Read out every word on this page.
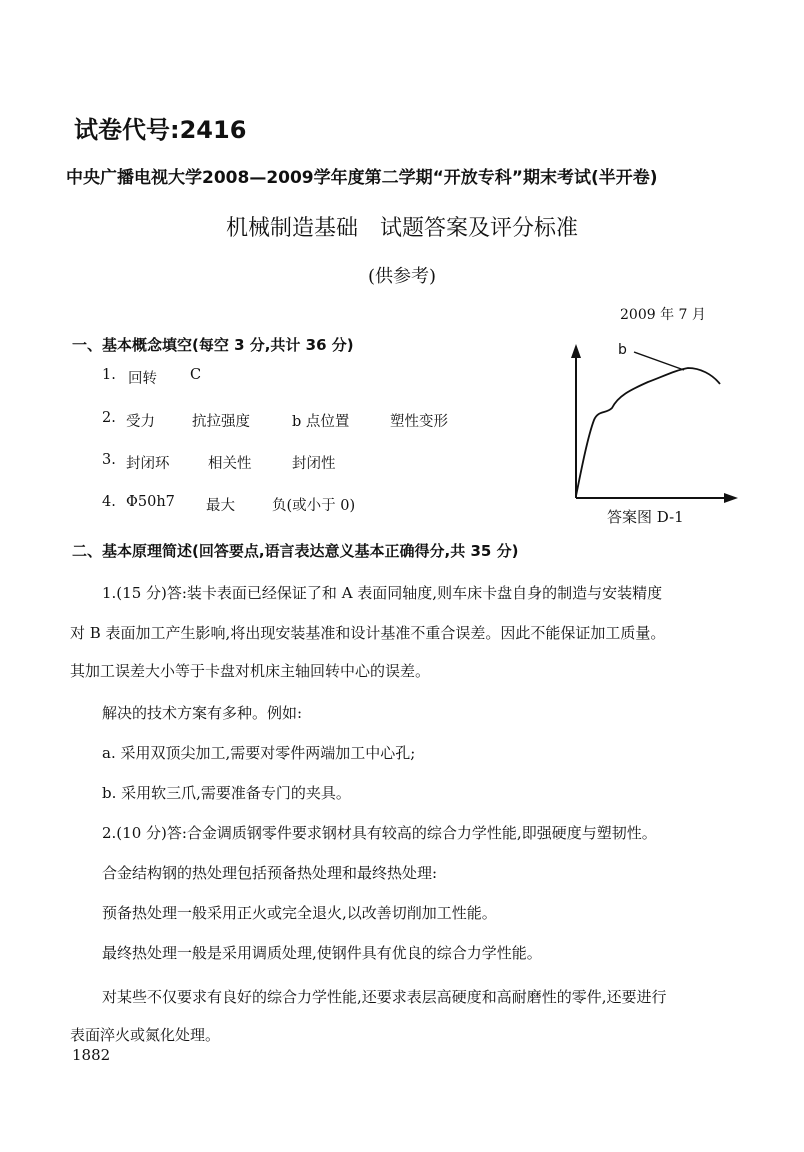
试卷代号:2416
中央广播电视大学2008—2009学年度第二学期“开放专科”期末考试(半开卷)
机械制造基础　试题答案及评分标准
(供参考)
2009 年 7 月
一、基本概念填空(每空 3 分,共计 36 分)
1. 回转 C
2. 受力	抗拉强度	b 点位置	塑性变形
3. 封闭环	相关性	封闭性
4. Φ50h7 最大	负(或小于 0)
b
答案图 D-1
二、基本原理简述(回答要点,语言表达意义基本正确得分,共 35 分)
1.(15 分)答:装卡表面已经保证了和 A 表面同轴度,则车床卡盘自身的制造与安装精度
对 B 表面加工产生影响,将出现安装基准和设计基准不重合误差。因此不能保证加工质量。
其加工误差大小等于卡盘对机床主轴回转中心的误差。
解决的技术方案有多种。例如:
a. 采用双顶尖加工,需要对零件两端加工中心孔;
b. 采用软三爪,需要准备专门的夹具。
2.(10 分)答:合金调质钢零件要求钢材具有较高的综合力学性能,即强硬度与塑韧性。
合金结构钢的热处理包括预备热处理和最终热处理:
预备热处理一般采用正火或完全退火,以改善切削加工性能。
最终热处理一般是采用调质处理,使钢件具有优良的综合力学性能。
对某些不仅要求有良好的综合力学性能,还要求表层高硬度和高耐磨性的零件,还要进行
表面淬火或氮化处理。
1882
